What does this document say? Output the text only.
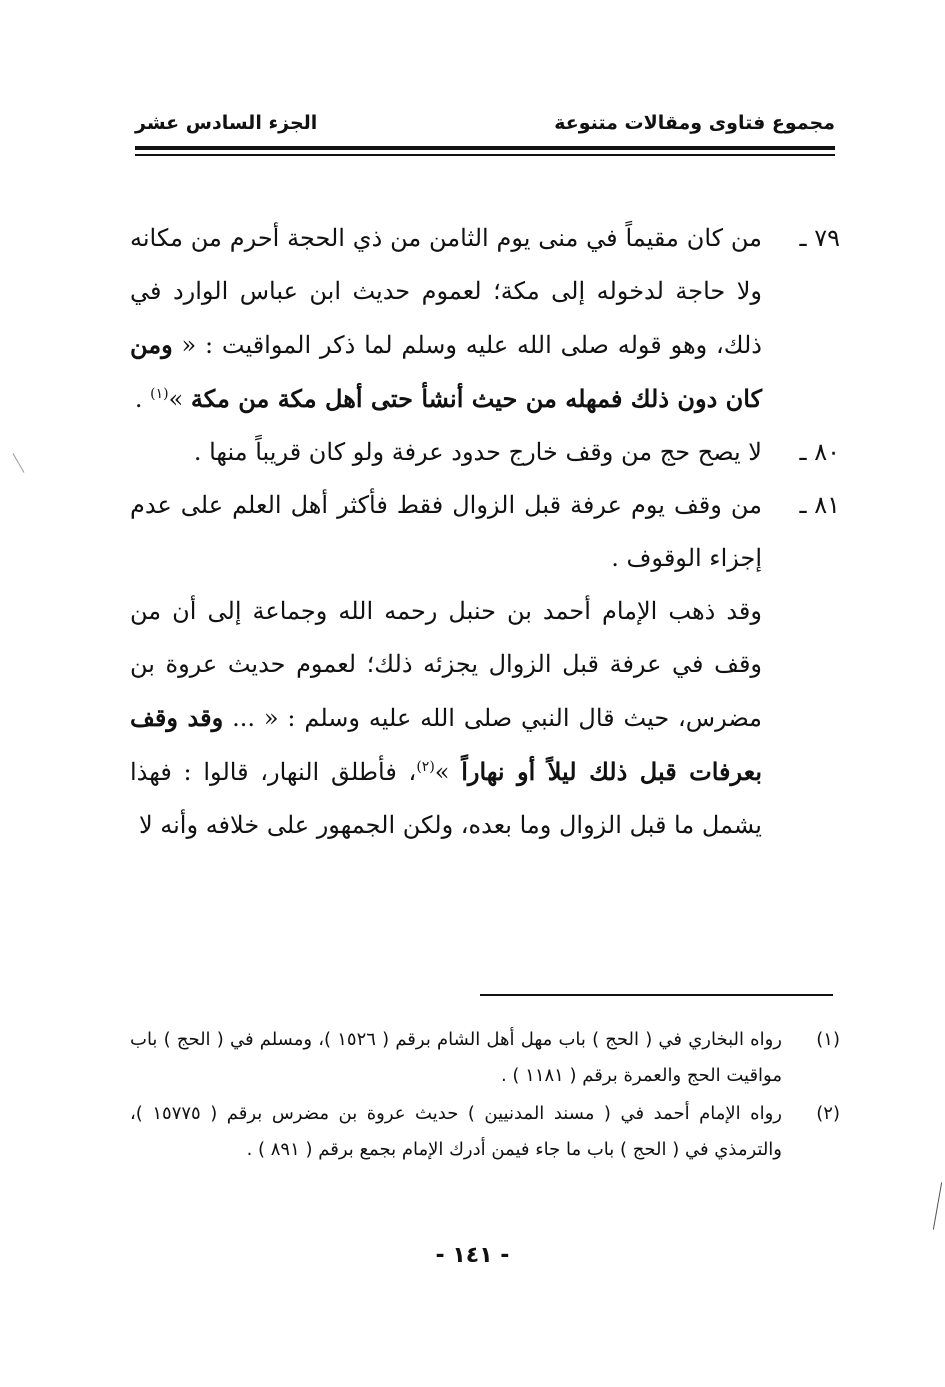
مجموع فتاوى ومقالات متنوعة
الجزء السادس عشر

٧٩ ـ
من كان مقيماً في منى يوم الثامن من ذي الحجة أحرم من مكانه ولا حاجة لدخوله إلى مكة؛ لعموم حديث ابن عباس الوارد في ذلك، وهو قوله صلى الله عليه وسلم لما ذكر المواقيت : « ومن كان دون ذلك فمهله من حيث أنشأ حتى أهل مكة من مكة »$^{(١)}$ .

٨٠ ـ
لا يصح حج من وقف خارج حدود عرفة ولو كان قريباً منها .

٨١ ـ
من وقف يوم عرفة قبل الزوال فقط فأكثر أهل العلم على عدم إجزاء الوقوف .

وقد ذهب الإمام أحمد بن حنبل رحمه الله وجماعة إلى أن من وقف في عرفة قبل الزوال يجزئه ذلك؛ لعموم حديث عروة بن مضرس، حيث قال النبي صلى الله عليه وسلم : « ... وقد وقف بعرفات قبل ذلك ليلاً أو نهاراً »$^{(٢)}$، فأطلق النهار، قالوا : فهذا يشمل ما قبل الزوال وما بعده، ولكن الجمهور على خلافه وأنه لا

(١)
رواه البخاري في ( الحج ) باب مهل أهل الشام برقم ( ١٥٢٦ )، ومسلم في ( الحج ) باب مواقيت الحج والعمرة برقم ( ١١٨١ ) .

(٢)
رواه الإمام أحمد في ( مسند المدنيين ) حديث عروة بن مضرس برقم ( ١٥٧٧٥ )، والترمذي في ( الحج ) باب ما جاء فيمن أدرك الإمام بجمع برقم ( ٨٩١ ) .

- ١٤١ -
